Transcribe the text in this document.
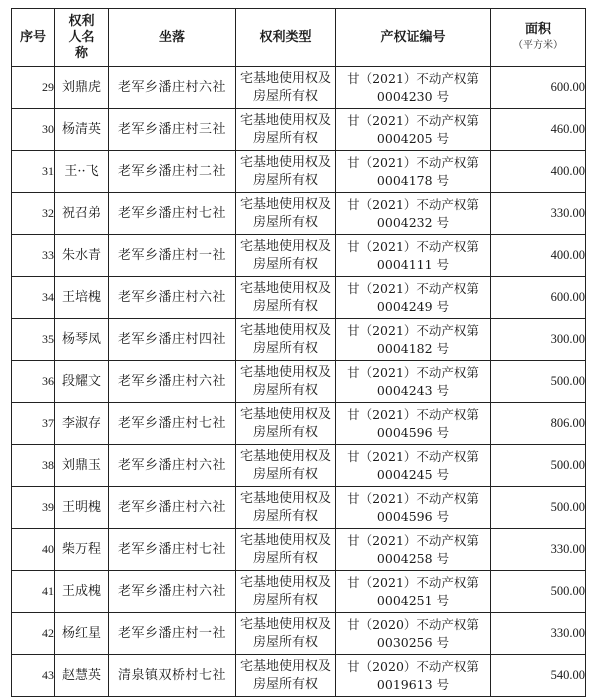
序号	权利人名称	坐落	权利类型	产权证编号	面积
（平方米）

29	刘鼎虎	老军乡潘庄村六社	宅基地使用权及房屋所有权	甘（2021）不动产权第0004230 号	600.00
30	杨清英	老军乡潘庄村三社	宅基地使用权及房屋所有权	甘（2021）不动产权第0004205 号	460.00
31	王··飞	老军乡潘庄村二社	宅基地使用权及房屋所有权	甘（2021）不动产权第0004178 号	400.00
32	祝召弟	老军乡潘庄村七社	宅基地使用权及房屋所有权	甘（2021）不动产权第0004232 号	330.00
33	朱水青	老军乡潘庄村一社	宅基地使用权及房屋所有权	甘（2021）不动产权第0004111 号	400.00
34	王培槐	老军乡潘庄村六社	宅基地使用权及房屋所有权	甘（2021）不动产权第0004249 号	600.00
35	杨琴凤	老军乡潘庄村四社	宅基地使用权及房屋所有权	甘（2021）不动产权第0004182 号	300.00
36	段耀文	老军乡潘庄村六社	宅基地使用权及房屋所有权	甘（2021）不动产权第0004243 号	500.00
37	李淑存	老军乡潘庄村七社	宅基地使用权及房屋所有权	甘（2021）不动产权第0004596 号	806.00
38	刘鼎玉	老军乡潘庄村六社	宅基地使用权及房屋所有权	甘（2021）不动产权第0004245 号	500.00
39	王明槐	老军乡潘庄村六社	宅基地使用权及房屋所有权	甘（2021）不动产权第0004596 号	500.00
40	柴万程	老军乡潘庄村七社	宅基地使用权及房屋所有权	甘（2021）不动产权第0004258 号	330.00
41	王成槐	老军乡潘庄村六社	宅基地使用权及房屋所有权	甘（2021）不动产权第0004251 号	500.00
42	杨红星	老军乡潘庄村一社	宅基地使用权及房屋所有权	甘（2020）不动产权第0030256 号	330.00
43	赵慧英	清泉镇双桥村七社	宅基地使用权及房屋所有权	甘（2020）不动产权第0019613 号	540.00
